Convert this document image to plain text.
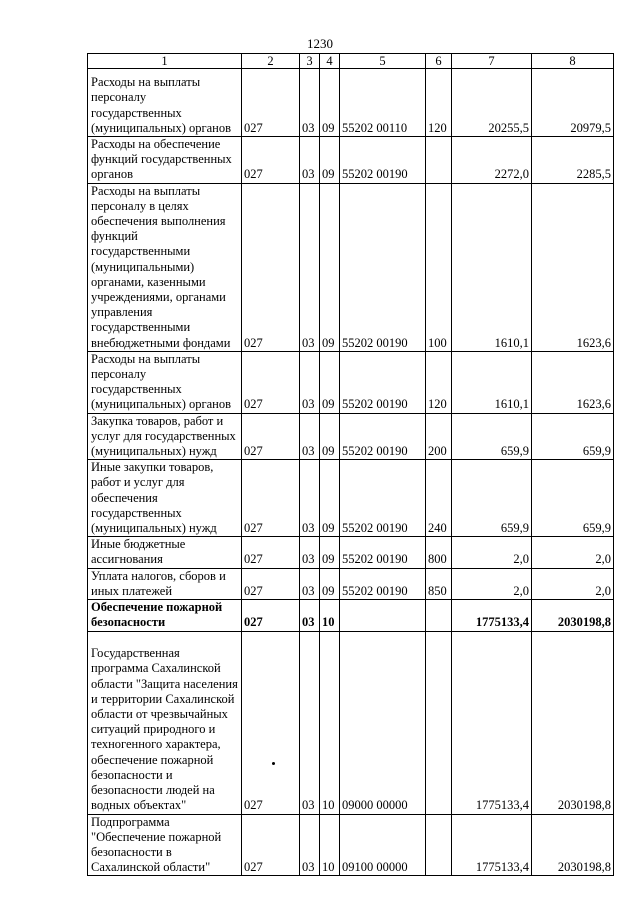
1230
1	2	3	4	5	6	7	8
Расходы на выплаты персоналу государственных (муниципальных) органов	027	03	09	55202 00110	120	20255,5	20979,5
Расходы на обеспечение функций государственных органов	027	03	09	55202 00190		2272,0	2285,5
Расходы на выплаты персоналу в целях обеспечения выполнения функций государственными (муниципальными) органами, казенными учреждениями, органами управления государственными внебюджетными фондами	027	03	09	55202 00190	100	1610,1	1623,6
Расходы на выплаты персоналу государственных (муниципальных) органов	027	03	09	55202 00190	120	1610,1	1623,6
Закупка товаров, работ и услуг для государственных (муниципальных) нужд	027	03	09	55202 00190	200	659,9	659,9
Иные закупки товаров, работ и услуг для обеспечения государственных (муниципальных) нужд	027	03	09	55202 00190	240	659,9	659,9
Иные бюджетные ассигнования	027	03	09	55202 00190	800	2,0	2,0
Уплата налогов, сборов и иных платежей	027	03	09	55202 00190	850	2,0	2,0
Обеспечение пожарной безопасности	027	03	10			1775133,4	2030198,8
Государственная программа Сахалинской области "Защита населения и территории Сахалинской области от чрезвычайных ситуаций природного и техногенного характера, обеспечение пожарной безопасности и безопасности людей на водных объектах"	027	03	10	09000 00000		1775133,4	2030198,8
Подпрограмма "Обеспечение пожарной безопасности в Сахалинской области"	027	03	10	09100 00000		1775133,4	2030198,8
